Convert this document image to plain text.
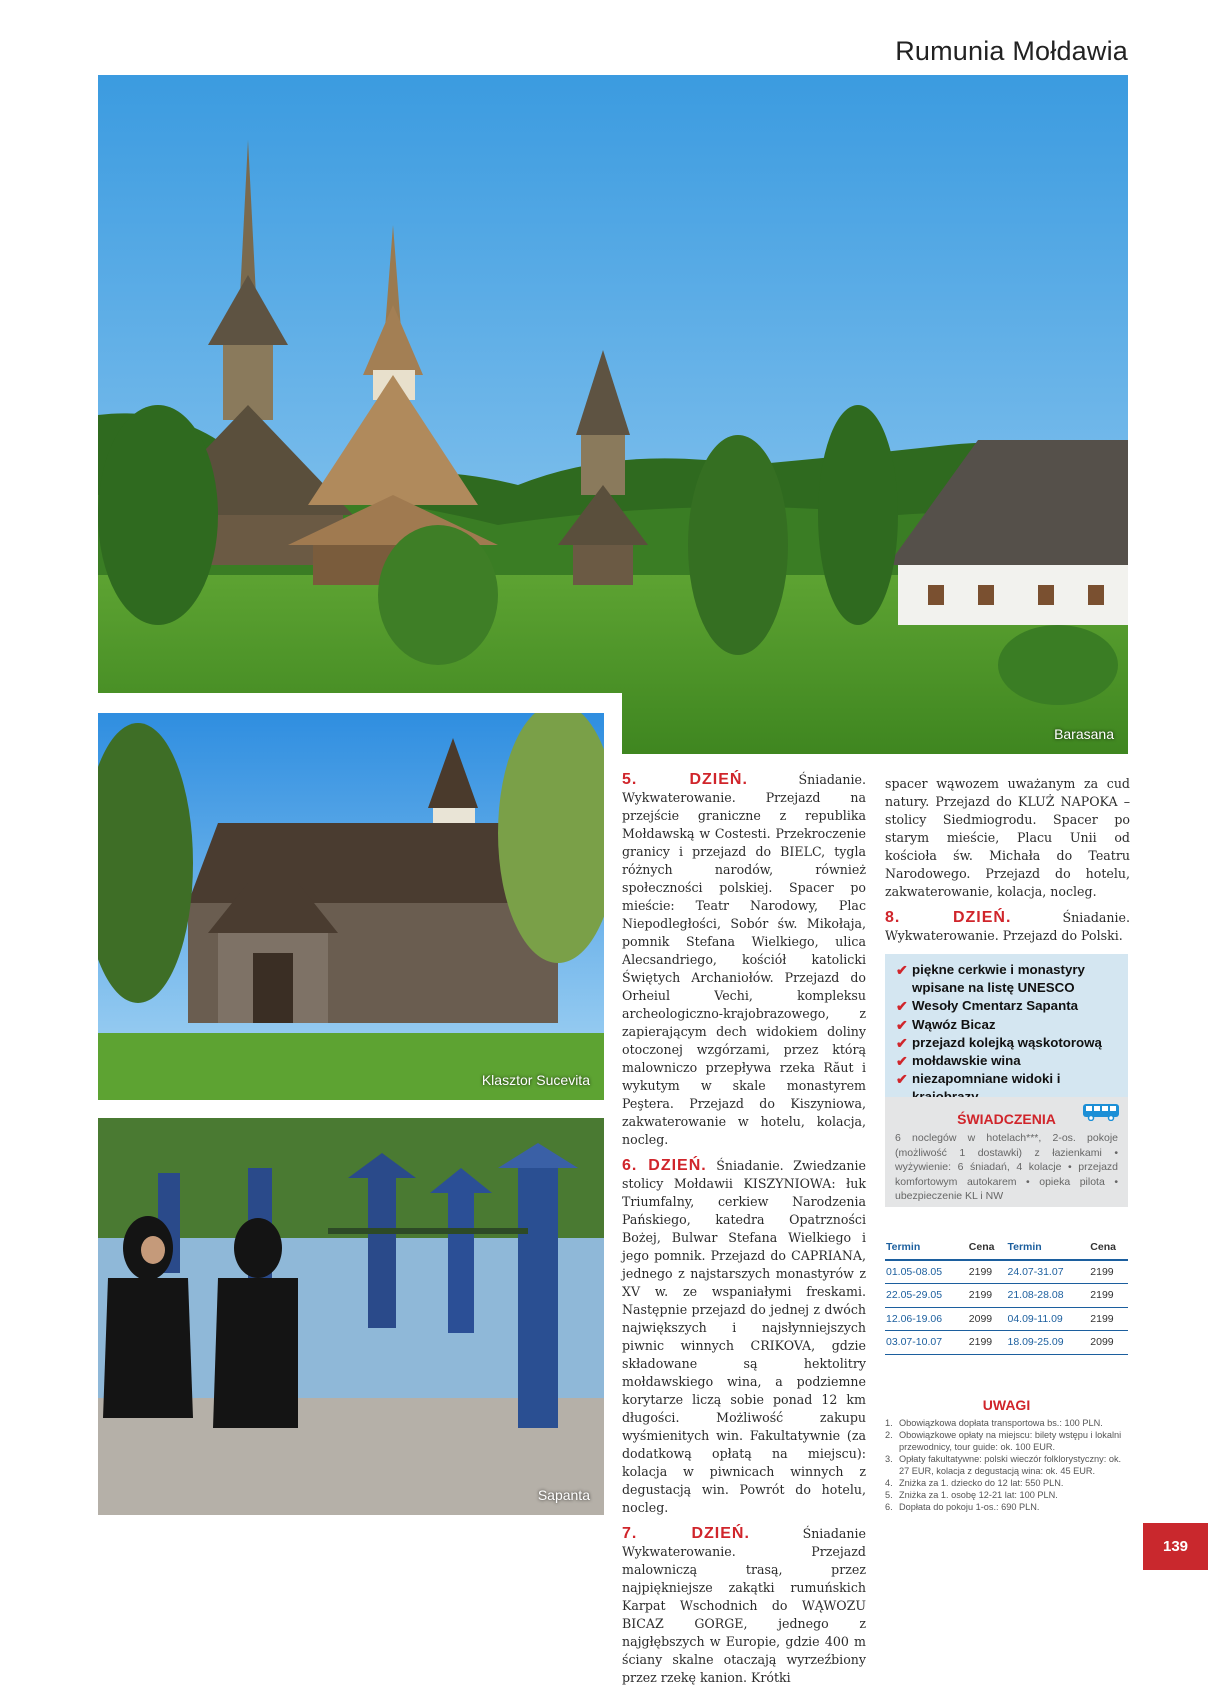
Rumunia Mołdawia
Barasana
Klasztor Sucevita
Sapanta

5. DZIEŃ.	Śniadanie. Wykwaterowanie. Przejazd na przejście graniczne z republika Mołdawską w Costesti. Przekroczenie granicy i przejazd do BIELC, tygla różnych narodów, również społeczności polskiej. Spacer po mieście: Teatr Narodowy, Plac Niepodległości, Sobór św. Mikołaja, pomnik Stefana Wielkiego, ulica Alecsandriego, kościół katolicki Świętych Archaniołów. Przejazd do Orheiul Vechi, kompleksu archeologiczno-krajobrazowego, z zapierającym dech widokiem doliny otoczonej wzgórzami, przez którą malowniczo przepływa rzeka Răut i wykutym w skale monastyrem Peştera. Przejazd do Kiszyniowa, zakwaterowanie w hotelu, kolacja, nocleg.

6. DZIEŃ. Śniadanie. Zwiedzanie stolicy Mołdawii KISZYNIOWA: łuk Triumfalny, cerkiew Narodzenia Pańskiego, katedra Opatrzności Bożej, Bulwar Stefana Wielkiego i jego pomnik. Przejazd do CAPRIANA, jednego z najstarszych monastyrów z XV w. ze wspaniałymi freskami. Następnie przejazd do jednej z dwóch największych i najsłynniejszych piwnic winnych CRIKOVA, gdzie składowane są hektolitry mołdawskiego wina, a podziemne korytarze liczą sobie ponad 12 km długości. Możliwość zakupu wyśmienitych win. Fakultatywnie (za dodatkową opłatą na miejscu): kolacja w piwnicach winnych z degustacją win. Powrót do hotelu, nocleg.

7. DZIEŃ.	Śniadanie Wykwaterowanie. Przejazd malowniczą trasą, przez najpiękniejsze zakątki rumuńskich Karpat Wschodnich do WĄWOZU BICAZ GORGE, jednego z najgłębszych w Europie, gdzie 400 m ściany skalne otaczają wyrzeźbiony przez rzekę kanion. Krótki

spacer wąwozem uważanym za cud natury. Przejazd do KLUŻ NAPOKA – stolicy Siedmiogrodu. Spacer po starym mieście, Placu Unii od kościoła św. Michała do Teatru Narodowego. Przejazd do hotelu, zakwaterowanie, kolacja, nocleg.

8. DZIEŃ.	Śniadanie. Wykwaterowanie. Przejazd do Polski.

✔ piękne cerkwie i monastyry wpisane na listę UNESCO
✔ Wesoły Cmentarz Sapanta
✔ Wąwóz Bicaz
✔ przejazd kolejką wąskotorową
✔ mołdawskie wina
✔ niezapomniane widoki i
ŚWIADCZENIA
6 noclegów w hotelach***, 2-os. pokoje (możliwość 1 dostawki) z łazienkami • wyżywienie: 6 śniadań, 4 kolacje • przejazd komfortowym autokarem • opieka pilota • ubezpieczenie KL i NW
Termin	Cena	Termin	Cena
01.05-08.05	2199	24.07-31.07	2199
22.05-29.05	2199	21.08-28.08	2199
12.06-19.06	2099	04.09-11.09	2199
03.07-10.07	2199	18.09-25.09	2099
UWAGI
1. Obowiązkowa dopłata transportowa bs.: 100 PLN.
2. Obowiązkowe opłaty na miejscu: bilety wstępu i lokalni przewodnicy, tour guide: ok. 100 EUR.
3. Opłaty fakultatywne: polski wieczór folklorystyczny: ok. 27 EUR, kolacja z degustacją wina: ok. 45 EUR.
4. Zniżka za 1. dziecko do 12 lat: 550 PLN.
5. Zniżka za 1. osobę 12-21 lat: 100 PLN.
6. Dopłata do pokoju 1-os.: 690 PLN.
139
